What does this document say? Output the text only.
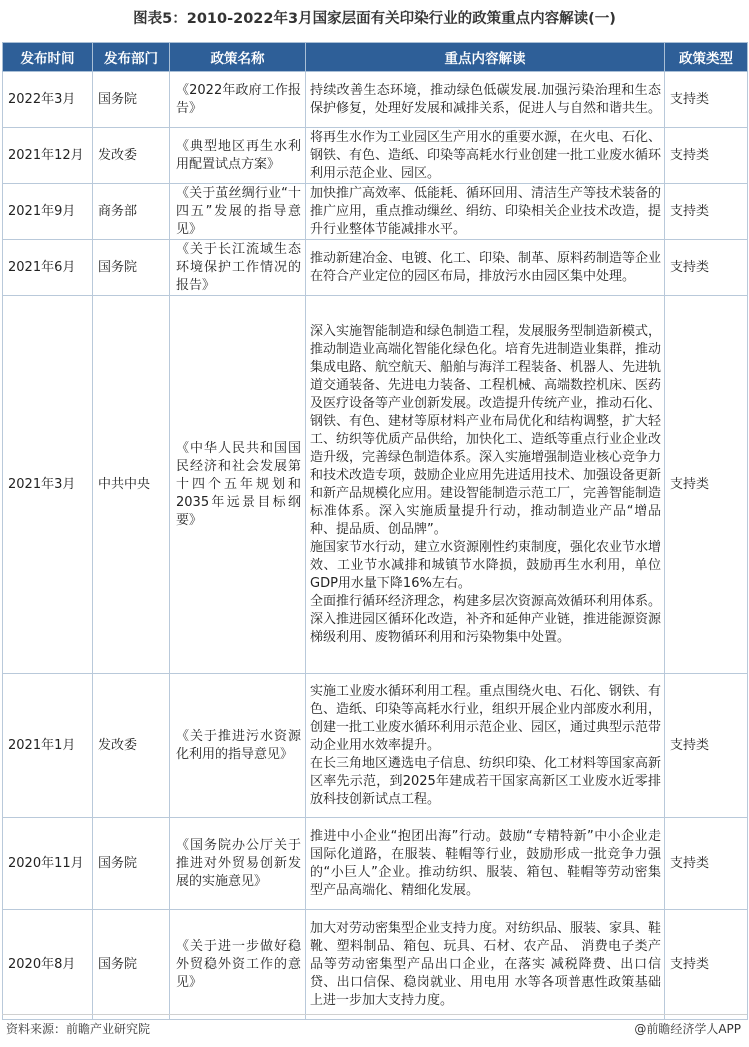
图表5：2010-2022年3月国家层面有关印染行业的政策重点内容解读(一)
发布时间	发布部门	政策名称	重点内容解读	政策类型
2022年3月	国务院	《2022年政府工作报告》	持续改善生态环境，推动绿色低碳发展.加强污染治理和生态保护修复，处理好发展和减排关系，促进人与自然和谐共生。	支持类
2021年12月	发改委	《典型地区再生水利用配置试点方案》	将再生水作为工业园区生产用水的重要水源，在火电、石化、钢铁、有色、造纸、印染等高耗水行业创建一批工业废水循环利用示范企业、园区。	支持类
2021年9月	商务部	《关于茧丝绸行业“十四五”发展的指导意见》	加快推广高效率、低能耗、循环回用、清洁生产等技术装备的推广应用，重点推动缫丝、绢纺、印染相关企业技术改造，提升行业整体节能减排水平。	支持类
2021年6月	国务院	《关于长江流域生态环境保护工作情况的报告》	推动新建冶金、电镀、化工、印染、制革、原料药制造等企业在符合产业定位的园区布局，排放污水由园区集中处理。	支持类
2021年3月	中共中央	《中华人民共和国国民经济和社会发展第十四个五年规划和2035年远景目标纲要》	深入实施智能制造和绿色制造工程，发展服务型制造新模式，推动制造业高端化智能化绿色化。培育先进制造业集群，推动集成电路、航空航天、船舶与海洋工程装备、机器人、先进轨道交通装备、先进电力装备、工程机械、高端数控机床、医药及医疗设备等产业创新发展。改造提升传统产业，推动石化、钢铁、有色、建材等原材料产业布局优化和结构调整，扩大轻工、纺织等优质产品供给，加快化工、造纸等重点行业企业改造升级，完善绿色制造体系。深入实施增强制造业核心竞争力和技术改造专项，鼓励企业应用先进适用技术、加强设备更新和新产品规模化应用。建设智能制造示范工厂，完善智能制造标准体系。深入实施质量提升行动，推动制造业产品“增品种、提品质、创品牌”。
施国家节水行动，建立水资源刚性约束制度，强化农业节水增效、工业节水减排和城镇节水降损，鼓励再生水利用，单位GDP用水量下降16%左右。
全面推行循环经济理念，构建多层次资源高效循环利用体系。深入推进园区循环化改造，补齐和延伸产业链，推进能源资源梯级利用、废物循环利用和污染物集中处置。	支持类
2021年1月	发改委	《关于推进污水资源化利用的指导意见》	实施工业废水循环利用工程。重点围绕火电、石化、钢铁、有色、造纸、印染等高耗水行业，组织开展企业内部废水利用，创建一批工业废水循环利用示范企业、园区，通过典型示范带动企业用水效率提升。
在长三角地区遴选电子信息、纺织印染、化工材料等国家高新区率先示范，到2025年建成若干国家高新区工业废水近零排放科技创新试点工程。	支持类
2020年11月	国务院	《国务院办公厅关于推进对外贸易创新发展的实施意见》	推进中小企业“抱团出海”行动。鼓励“专精特新”中小企业走国际化道路，在服装、鞋帽等行业，鼓励形成一批竞争力强的“小巨人”企业。推动纺织、服装、箱包、鞋帽等劳动密集型产品高端化、精细化发展。	支持类
2020年8月	国务院	《关于进一步做好稳外贸稳外资工作的意见》	加大对劳动密集型企业支持力度。对纺织品、服装、家具、鞋靴、塑料制品、箱包、玩具、石材、农产品、 消费电子类产品等劳动密集型产品出口企业，在落实 减税降费、出口信贷、出口信保、稳岗就业、用电用 水等各项普惠性政策基础上进一步加大支持力度。	支持类
资料来源：前瞻产业研究院	@前瞻经济学人APP
